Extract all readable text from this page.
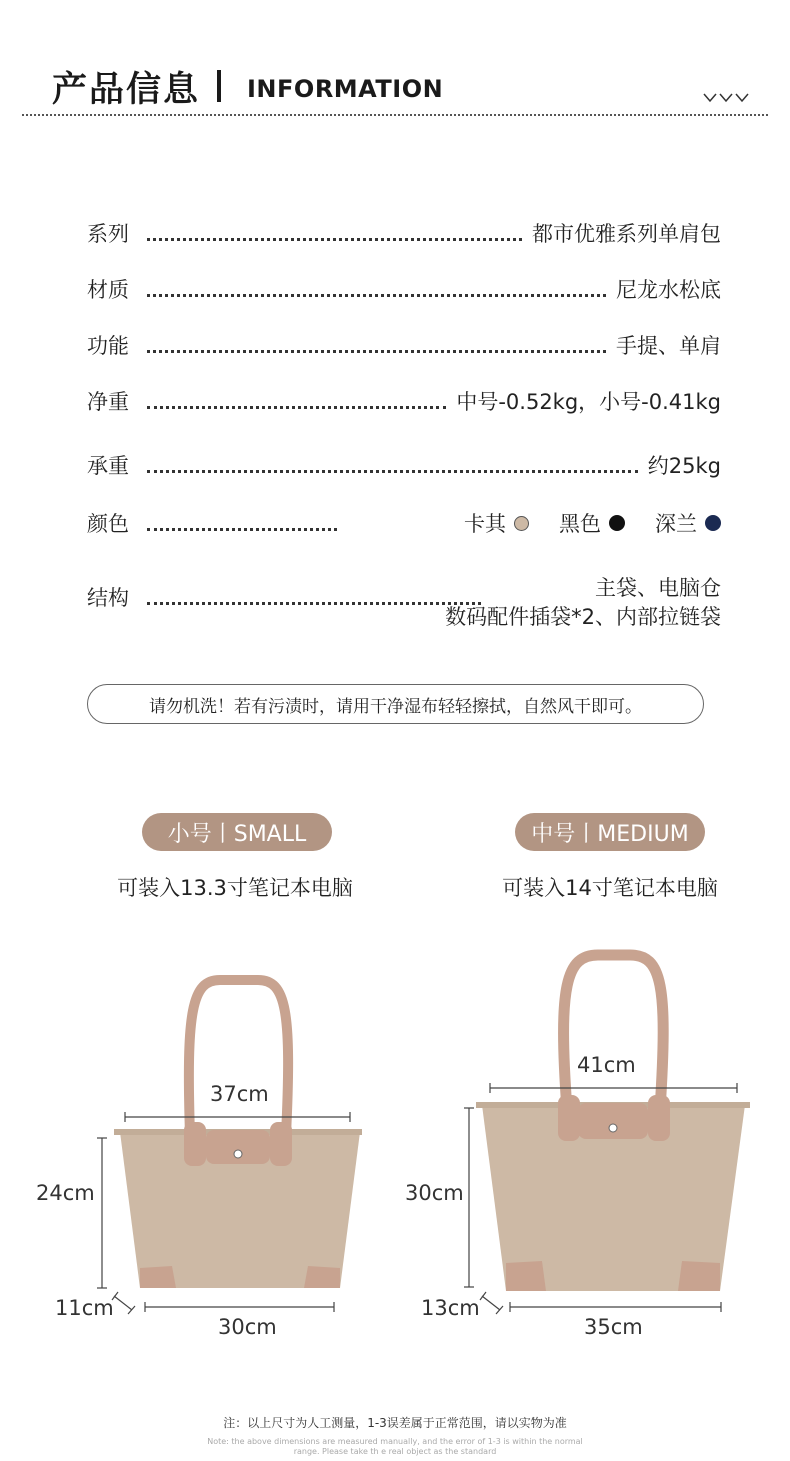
产品信息 INFORMATION
系列	都市优雅系列单肩包
材质	尼龙水松底
功能	手提、单肩
净重	中号-0.52kg，小号-0.41kg
承重	约25kg
颜色	卡其	黑色	深兰
结构	主袋、电脑仓
数码配件插袋*2、内部拉链袋
请勿机洗！若有污渍时，请用干净湿布轻轻擦拭，自然风干即可。
小号丨SMALL
可装入13.3寸笔记本电脑
中号丨MEDIUM
可装入14寸笔记本电脑
37cm
24cm
11cm
30cm
41cm
30cm
13cm
35cm
注：以上尺寸为人工测量，1-3误差属于正常范围，请以实物为准
Note: the above dimensions are measured manually, and the error of 1-3 is within the normal
range. Please take th e real object as the standard
